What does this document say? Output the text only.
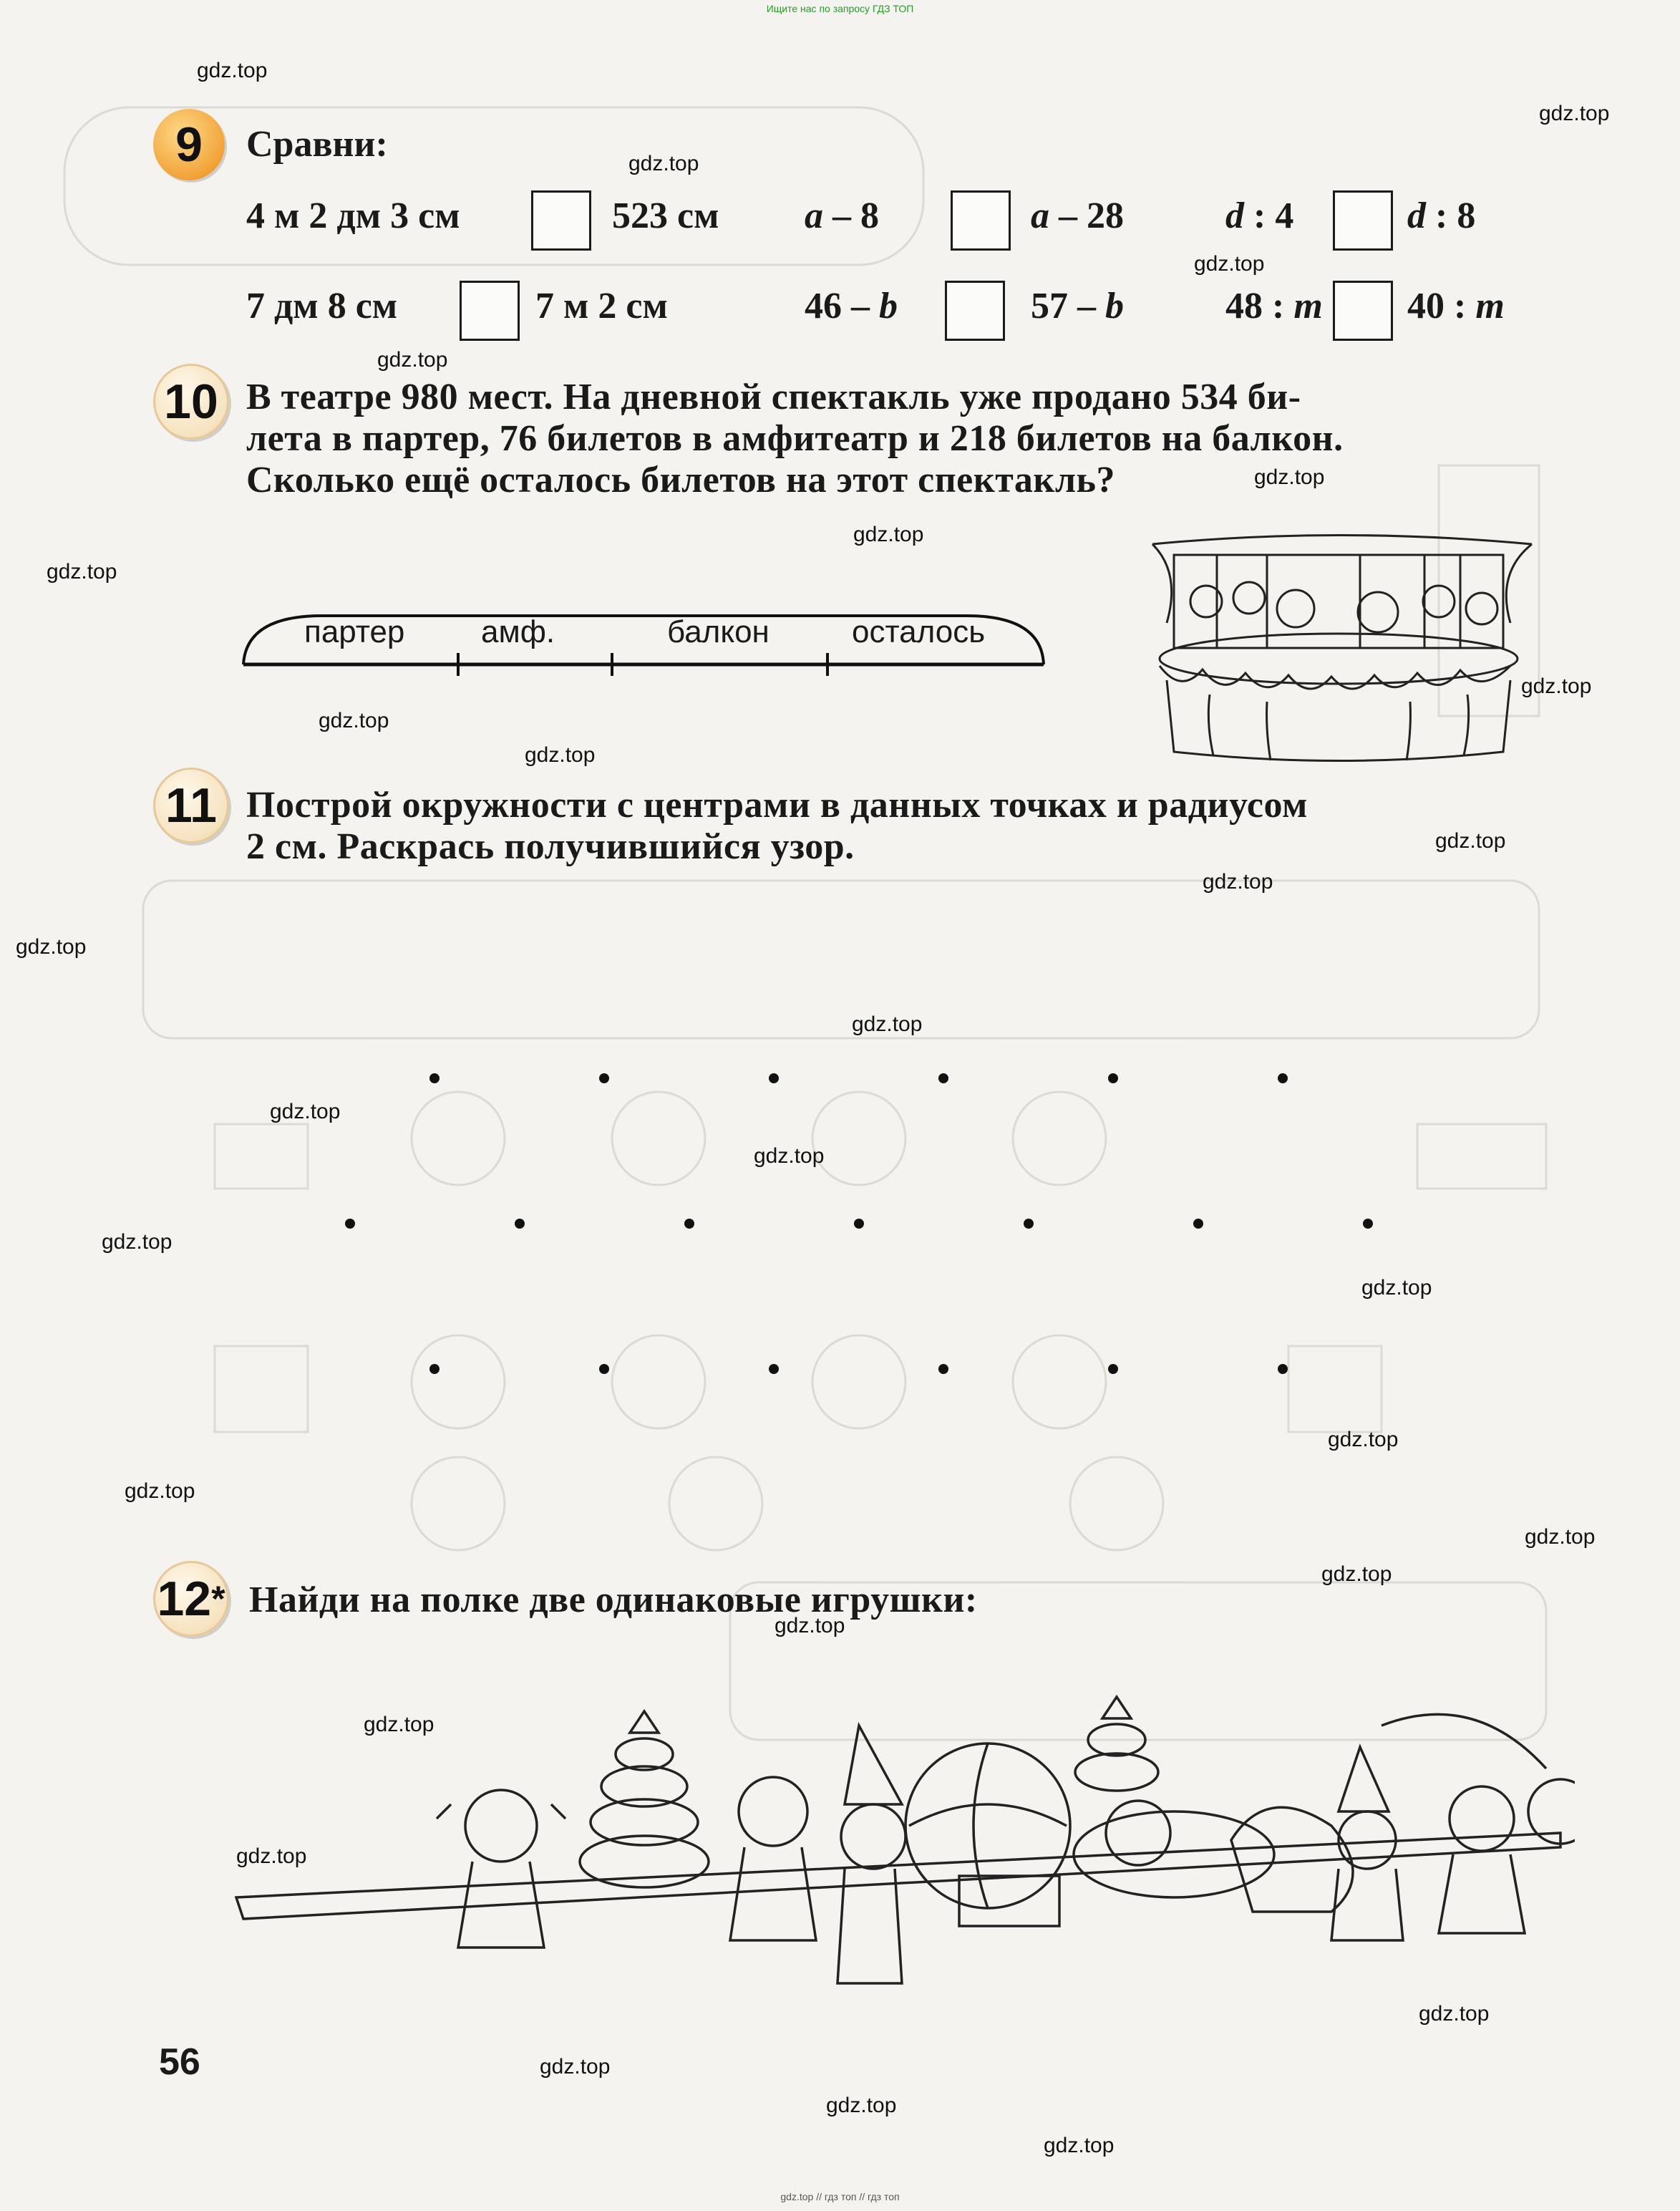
Ищите нас по запросу ГДЗ ТОП
gdz.top
gdz.top
gdz.top
gdz.top
gdz.top
gdz.top
gdz.top
gdz.top
gdz.top
gdz.top
gdz.top
gdz.top
gdz.top
gdz.top
gdz.top
gdz.top
gdz.top
gdz.top
gdz.top
gdz.top
gdz.top
gdz.top
gdz.top
gdz.top
gdz.top
gdz.top
gdz.top
gdz.top
gdz.top
gdz.top
9 Сравни:
4 м 2 дм 3 см	523 см a – 8	a – 28	d : 4	d : 8
7 дм 8 см	7 м 2 см	46 – b	57 – b	48 : m 40 : m
10 В театре 980 мест. На дневной спектакль уже продано 534 би-
лета в партер, 76 билетов в амфитеатр и 218 билетов на балкон.
Сколько ещё осталось билетов на этот спектакль?
партер амф.	балкон	осталось
11 Построй окружности с центрами в данных точках и радиусом
2 см. Раскрась получившийся узор.
12 * Найди на полке две одинаковые игрушки:
56
gdz.top // гдз топ // гдз топ
